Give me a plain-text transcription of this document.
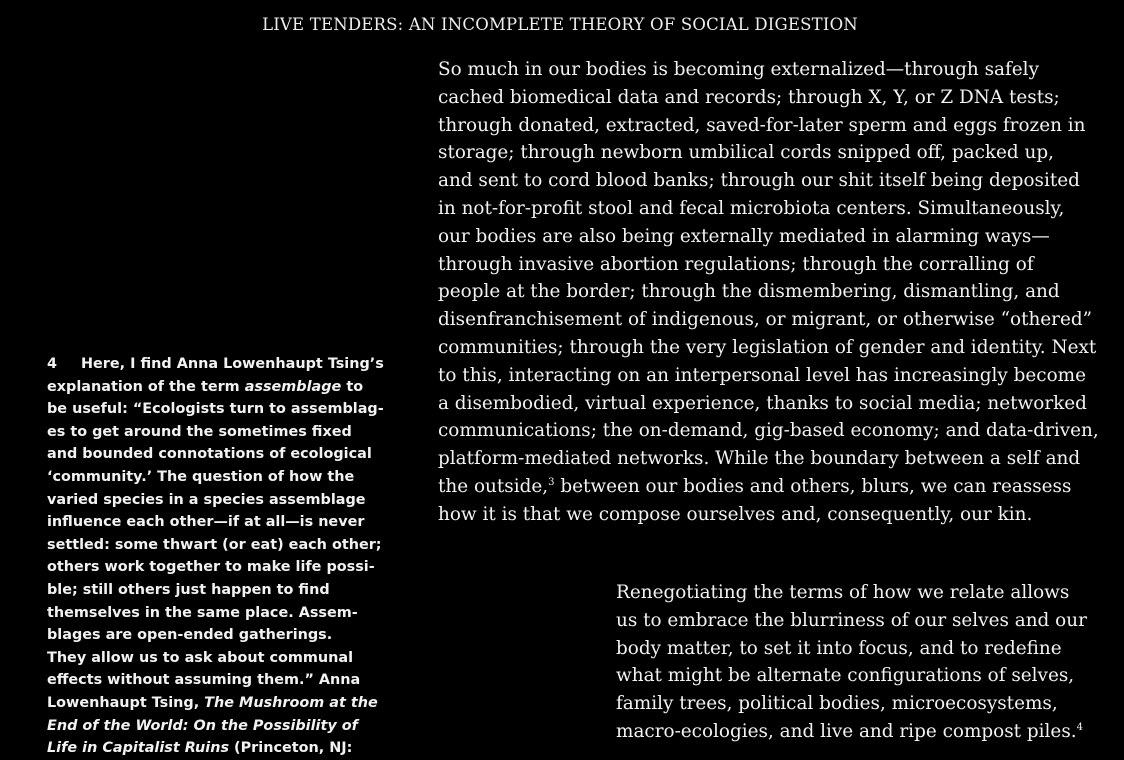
LIVE TENDERS: AN INCOMPLETE THEORY OF SOCIAL DIGESTION

So much in our bodies is becoming externalized—through safely
cached biomedical data and records; through X, Y, or Z DNA tests;
through donated, extracted, saved-for-later sperm and eggs frozen in
storage; through newborn umbilical cords snipped off, packed up,
and sent to cord blood banks; through our shit itself being deposited
in not-for-profit stool and fecal microbiota centers. Simultaneously,
our bodies are also being externally mediated in alarming ways—
through invasive abortion regulations; through the corralling of
people at the border; through the dismembering, dismantling, and
disenfranchisement of indigenous, or migrant, or otherwise “othered”
communities; through the very legislation of gender and identity. Next
to this, interacting on an interpersonal level has increasingly become
a disembodied, virtual experience, thanks to social media; networked
communications; the on-demand, gig-based economy; and data-driven,
platform-mediated networks. While the boundary between a self and
the outside,$^3$ between our bodies and others, blurs, we can reassess
how it is that we compose ourselves and, consequently, our kin.

Renegotiating the terms of how we relate allows
us to embrace the blurriness of our selves and our
body matter, to set it into focus, and to redefine
what might be alternate configurations of selves,
family trees, political bodies, microecosystems,
macro-ecologies, and live and ripe compost piles.$^4$

4 Here, I find Anna Lowenhaupt Tsing’s
explanation of the term assemblage to
be useful: “Ecologists turn to assemblag-
es to get around the sometimes fixed
and bounded connotations of ecological
‘community.’ The question of how the
varied species in a species assemblage
influence each other—if at all—is never
settled: some thwart (or eat) each other;
others work together to make life possi-
ble; still others just happen to find
themselves in the same place. Assem-
blages are open-ended gatherings.
They allow us to ask about communal
effects without assuming them.” Anna
Lowenhaupt Tsing, The Mushroom at the
End of the World: On the Possibility of
Life in Capitalist Ruins (Princeton, NJ:
